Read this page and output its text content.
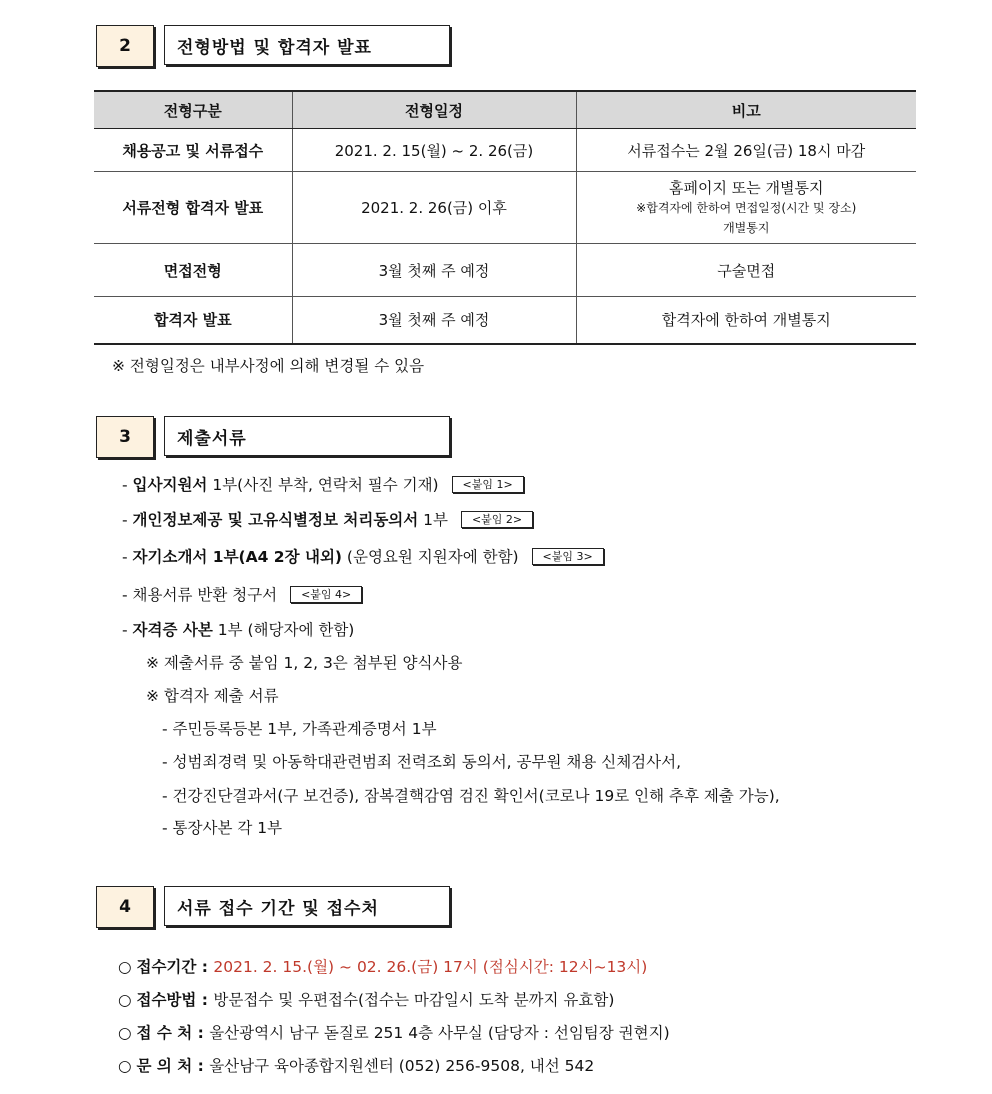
2	전형방법 및 합격자 발표
전형구분	전형일정	비고
채용공고 및 서류접수	2021. 2. 15(월) ~ 2. 26(금)	서류접수는 2월 26일(금) 18시 마감
서류전형 합격자 발표	2021. 2. 26(금) 이후	홈페이지 또는 개별통지
※합격자에 한하여 면접일정(시간 및 장소)
개별통지

면접전형	3월 첫째 주 예정	구술면접
합격자 발표	3월 첫째 주 예정	합격자에 한하여 개별통지
※ 전형일정은 내부사정에 의해 변경될 수 있음
3	제출서류
- 입사지원서 1부(사진 부착, 연락처 필수 기재) <붙임 1>
- 개인정보제공 및 고유식별정보 처리동의서 1부 <붙임 2>
- 자기소개서 1부(A4 2장 내외) (운영요원 지원자에 한함) <붙임 3>
- 채용서류 반환 청구서 <붙임 4>
- 자격증 사본 1부 (해당자에 한함)
※ 제출서류 중 붙임 1, 2, 3은 첨부된 양식사용
※ 합격자 제출 서류
- 주민등록등본 1부, 가족관계증명서 1부
- 성범죄경력 및 아동학대관련범죄 전력조회 동의서, 공무원 채용 신체검사서,
- 건강진단결과서(구 보건증), 잠복결핵감염 검진 확인서(코로나 19로 인해 추후 제출 가능),
- 통장사본 각 1부
4	서류 접수 기간 및 접수처
○ 접수기간 : 2021. 2. 15.(월) ~ 02. 26.(금) 17시 (점심시간: 12시~13시)
○ 접수방법 : 방문접수 및 우편접수(접수는 마감일시 도착 분까지 유효함)
○ 접 수 처 : 울산광역시 남구 돋질로 251 4층 사무실 (담당자 : 선임팀장 권현지)
○ 문 의 처 : 울산남구 육아종합지원센터 (052) 256-9508, 내선 542
